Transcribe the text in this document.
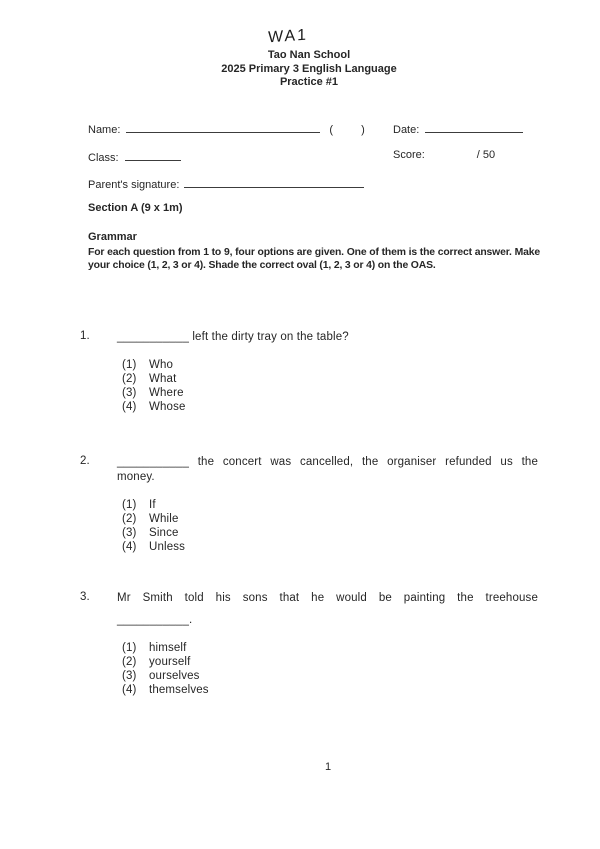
WA1
Tao Nan School
2025 Primary 3 English Language
Practice #1
Name:	(	)	Date:
Class:	Score:	/ 50
Parent's signature:
Section A (9 x 1m)
Grammar
For each question from 1 to 9, four options are given. One of them is the correct answer. Make your choice (1, 2, 3 or 4). Shade the correct oval (1, 2, 3 or 4) on the OAS.
1.	___________ left the dirty tray on the table?
(1)	Who
(2)	What
(3)	Where
(4)	Whose
2.	___________ the concert was cancelled, the organiser refunded us the
money.
(1)	If
(2)	While
(3)	Since
(4)	Unless
3.	Mr Smith told his sons that he would be painting the treehouse
___________.
(1)	himself
(2)	yourself
(3)	ourselves
(4)	themselves
1
